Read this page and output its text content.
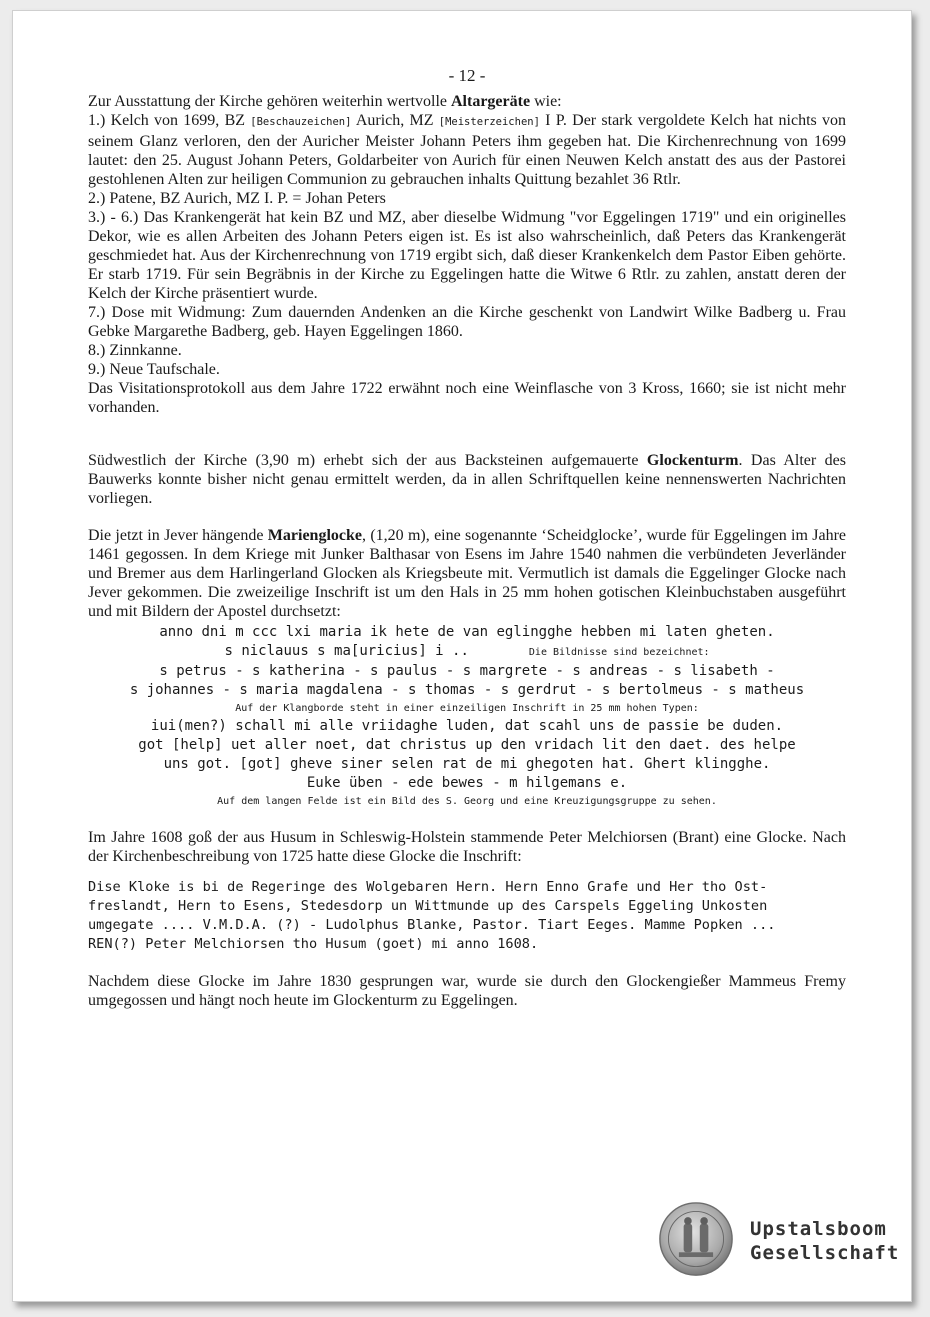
- 12 -

Zur Ausstattung der Kirche gehören weiterhin wertvolle Altargeräte wie:

1.) Kelch von 1699, BZ [Beschauzeichen] Aurich, MZ [Meisterzeichen] I P. Der stark vergoldete Kelch hat nichts von seinem Glanz verloren, den der Auricher Meister Johann Peters ihm gegeben hat. Die Kirchenrechnung von 1699 lautet: den 25. August Johann Peters, Goldarbeiter von Aurich für einen Neuwen Kelch anstatt des aus der Pastorei gestohlenen Alten zur heiligen Communion zu gebrauchen inhalts Quittung bezahlet 36 Rtlr.

2.) Patene, BZ Aurich, MZ I. P. = Johan Peters

3.) - 6.) Das Krankengerät hat kein BZ und MZ, aber dieselbe Widmung "vor Eggelingen 1719" und ein originelles Dekor, wie es allen Arbeiten des Johann Peters eigen ist. Es ist also wahrscheinlich, daß Peters das Krankengerät geschmiedet hat. Aus der Kirchenrechnung von 1719 ergibt sich, daß dieser Krankenkelch dem Pastor Eiben gehörte. Er starb 1719. Für sein Begräbnis in der Kirche zu Eggelingen hatte die Witwe 6 Rtlr. zu zahlen, anstatt deren der Kelch der Kirche präsentiert wurde.

7.) Dose mit Widmung: Zum dauernden Andenken an die Kirche geschenkt von Landwirt Wilke Badberg u. Frau Gebke Margarethe Badberg, geb. Hayen Eggelingen 1860.

8.) Zinnkanne.

9.) Neue Taufschale.

Das Visitationsprotokoll aus dem Jahre 1722 erwähnt noch eine Weinflasche von 3 Kross, 1660; sie ist nicht mehr vorhanden.

Südwestlich der Kirche (3,90 m) erhebt sich der aus Backsteinen aufgemauerte Glockenturm. Das Alter des Bauwerks konnte bisher nicht genau ermittelt werden, da in allen Schriftquellen keine nennenswerten Nachrichten vorliegen.

Die jetzt in Jever hängende Marienglocke, (1,20 m), eine sogenannte ‘Scheidglocke’, wurde für Eggelingen im Jahre 1461 gegossen. In dem Kriege mit Junker Balthasar von Esens im Jahre 1540 nahmen die verbündeten Jeverländer und Bremer aus dem Harlingerland Glocken als Kriegsbeute mit. Vermutlich ist damals die Eggelinger Glocke nach Jever gekommen. Die zweizeilige Inschrift ist um den Hals in 25 mm hohen gotischen Kleinbuchstaben ausgeführt und mit Bildern der Apostel durchsetzt:

anno dni m ccc lxi maria ik hete de van eglingghe hebben mi laten gheten.
s niclauus s ma[uricius] i ..	Die Bildnisse sind bezeichnet:
s petrus - s katherina - s paulus - s margrete - s andreas - s lisabeth -
s johannes - s maria magdalena - s thomas - s gerdrut - s bertolmeus - s matheus
Auf der Klangborde steht in einer einzeiligen Inschrift in 25 mm hohen Typen:
iui(men?) schall mi alle vriidaghe luden, dat scahl uns de passie be duden.
got [help] uet aller noet, dat christus up den vridach lit den daet. des helpe
uns got. [got] gheve siner selen rat de mi ghegoten hat. Ghert klingghe.
Euke üben - ede bewes - m hilgemans e.
Auf dem langen Felde ist ein Bild des S. Georg und eine Kreuzigungsgruppe zu sehen.

Im Jahre 1608 goß der aus Husum in Schleswig-Holstein stammende Peter Melchiorsen (Brant) eine Glocke. Nach der Kirchenbeschreibung von 1725 hatte diese Glocke die Inschrift:

Dise Kloke is bi de Regeringe des Wolgebaren Hern. Hern Enno Grafe und Her tho Ost-

freslandt, Hern to Esens, Stedesdorp un Wittmunde up des Carspels Eggeling Unkosten

umgegate .... V.M.D.A. (?) - Ludolphus Blanke, Pastor. Tiart Eeges. Mamme Popken ...

REN(?) Peter Melchiorsen tho Husum (goet) mi anno 1608.

Nachdem diese Glocke im Jahre 1830 gesprungen war, wurde sie durch den Glockengießer Mammeus Fremy umgegossen und hängt noch heute im Glockenturm zu Eggelingen.

Upstalsboom
Gesellschaft
